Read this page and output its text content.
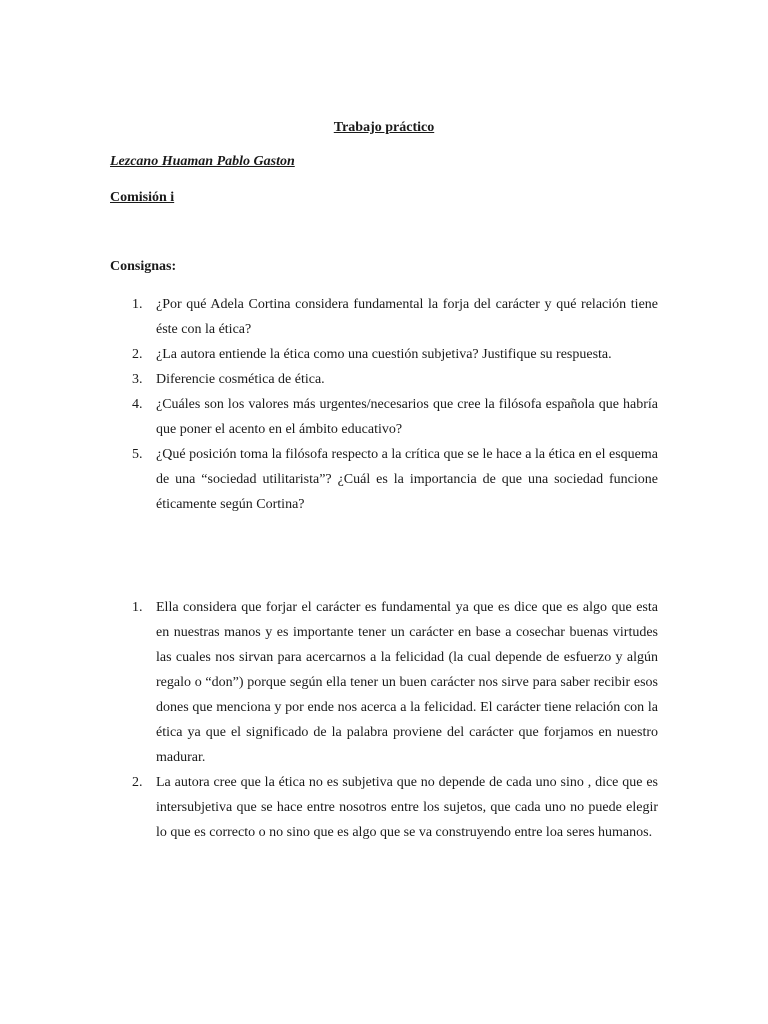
Trabajo práctico
Lezcano Huaman Pablo Gaston
Comisión i
Consignas:
1. ¿Por qué Adela Cortina considera fundamental la forja del carácter y qué relación tiene éste con la ética?
2. ¿La autora entiende la ética como una cuestión subjetiva? Justifique su respuesta.
3. Diferencie cosmética de ética.
4. ¿Cuáles son los valores más urgentes/necesarios que cree la filósofa española que habría que poner el acento en el ámbito educativo?
5. ¿Qué posición toma la filósofa respecto a la crítica que se le hace a la ética en el esquema de una “sociedad utilitarista”? ¿Cuál es la importancia de que una sociedad funcione éticamente según Cortina?
1. Ella considera que forjar el carácter es fundamental ya que es dice que es algo que esta en nuestras manos y es importante tener un carácter en base a cosechar buenas virtudes las cuales nos sirvan para acercarnos a la felicidad (la cual depende de esfuerzo y algún regalo o “don”) porque según ella tener un buen carácter nos sirve para saber recibir esos dones que menciona y por ende nos acerca a la felicidad. El carácter tiene relación con la ética ya que el significado de la palabra proviene del carácter que forjamos en nuestro madurar.
2. La autora cree que la ética no es subjetiva que no depende de cada uno sino , dice que es intersubjetiva que se hace entre nosotros entre los sujetos, que cada uno no puede elegir lo que es correcto o no sino que es algo que se va construyendo entre loa seres humanos.
